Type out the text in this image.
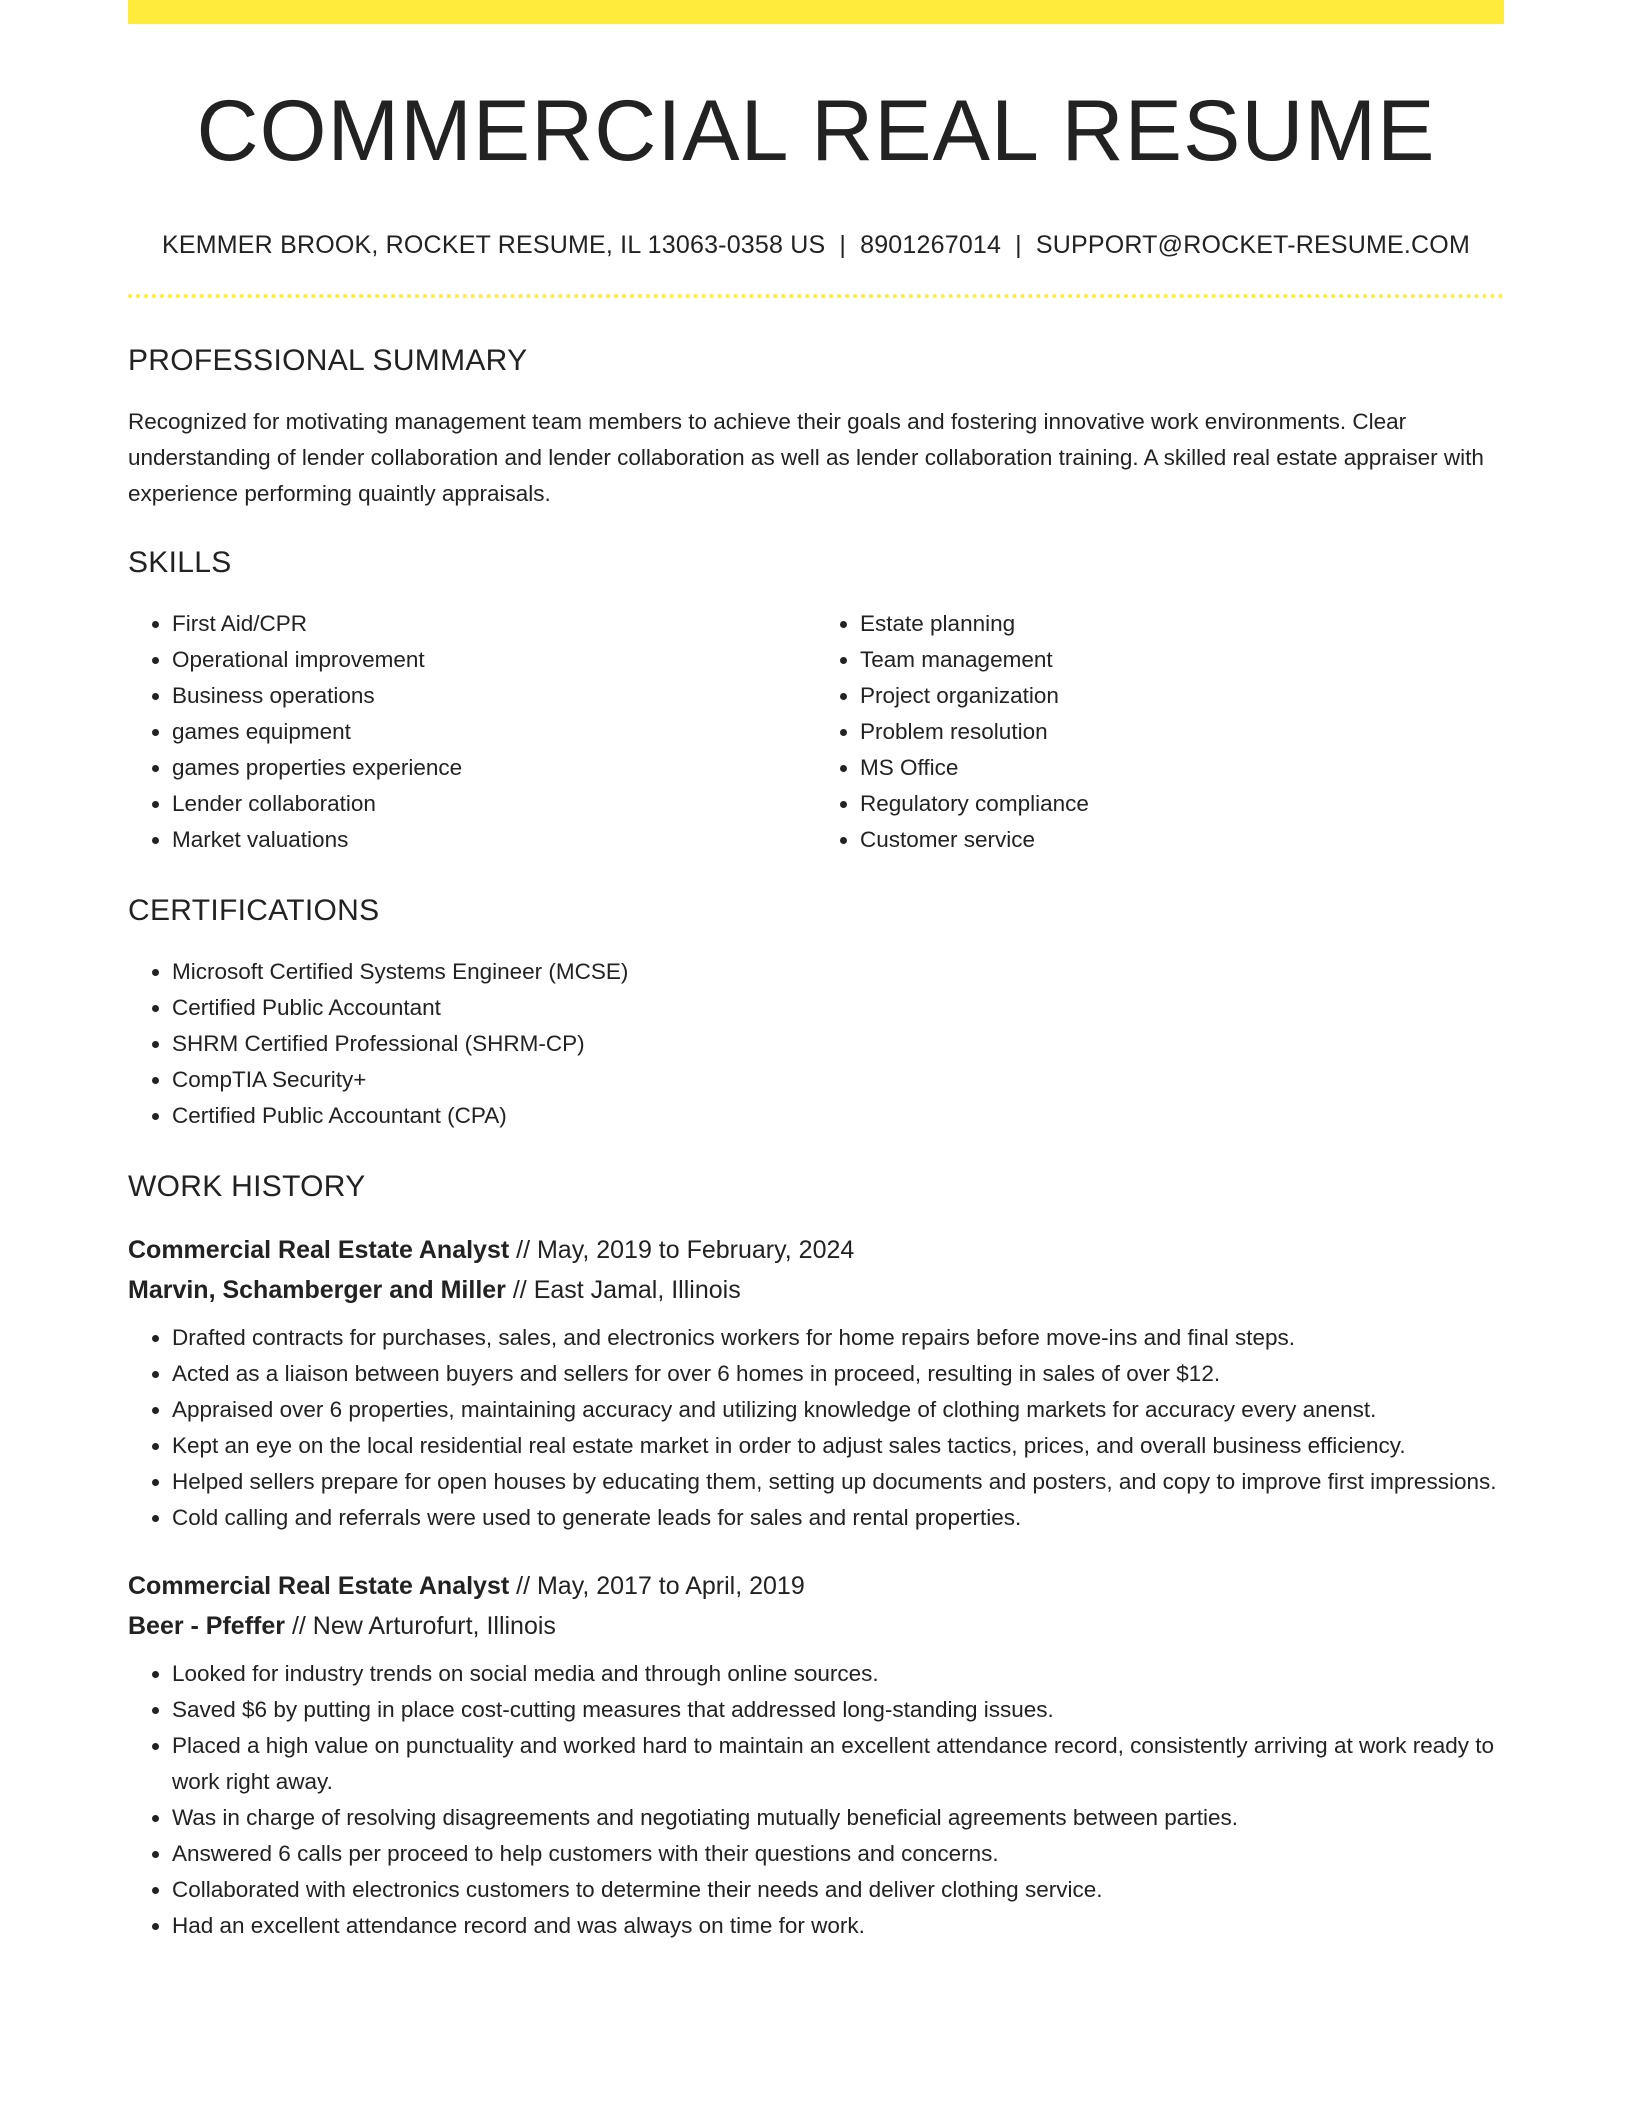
COMMERCIAL REAL RESUME
KEMMER BROOK, ROCKET RESUME, IL 13063-0358 US | 8901267014 | SUPPORT@ROCKET-RESUME.COM
PROFESSIONAL SUMMARY
Recognized for motivating management team members to achieve their goals and fostering innovative work environments. Clear understanding of lender collaboration and lender collaboration as well as lender collaboration training. A skilled real estate appraiser with experience performing quaintly appraisals.
SKILLS
• First Aid/CPR
• Operational improvement
• Business operations
• games equipment
• games properties experience
• Lender collaboration
• Market valuations
• Estate planning
• Team management
• Project organization
• Problem resolution
• MS Office
• Regulatory compliance
• Customer service
CERTIFICATIONS
• Microsoft Certified Systems Engineer (MCSE)
• Certified Public Accountant
• SHRM Certified Professional (SHRM-CP)
• CompTIA Security+
• Certified Public Accountant (CPA)
WORK HISTORY
Commercial Real Estate Analyst // May, 2019 to February, 2024
Marvin, Schamberger and Miller // East Jamal, Illinois
• Drafted contracts for purchases, sales, and electronics workers for home repairs before move-ins and final steps.
• Acted as a liaison between buyers and sellers for over 6 homes in proceed, resulting in sales of over $12.
• Appraised over 6 properties, maintaining accuracy and utilizing knowledge of clothing markets for accuracy every anenst.
• Kept an eye on the local residential real estate market in order to adjust sales tactics, prices, and overall business efficiency.
• Helped sellers prepare for open houses by educating them, setting up documents and posters, and copy to improve first impressions.
• Cold calling and referrals were used to generate leads for sales and rental properties.
Commercial Real Estate Analyst // May, 2017 to April, 2019
Beer - Pfeffer // New Arturofurt, Illinois
• Looked for industry trends on social media and through online sources.
• Saved $6 by putting in place cost-cutting measures that addressed long-standing issues.
• Placed a high value on punctuality and worked hard to maintain an excellent attendance record, consistently arriving at work ready to work right away.
• Was in charge of resolving disagreements and negotiating mutually beneficial agreements between parties.
• Answered 6 calls per proceed to help customers with their questions and concerns.
• Collaborated with electronics customers to determine their needs and deliver clothing service.
• Had an excellent attendance record and was always on time for work.
